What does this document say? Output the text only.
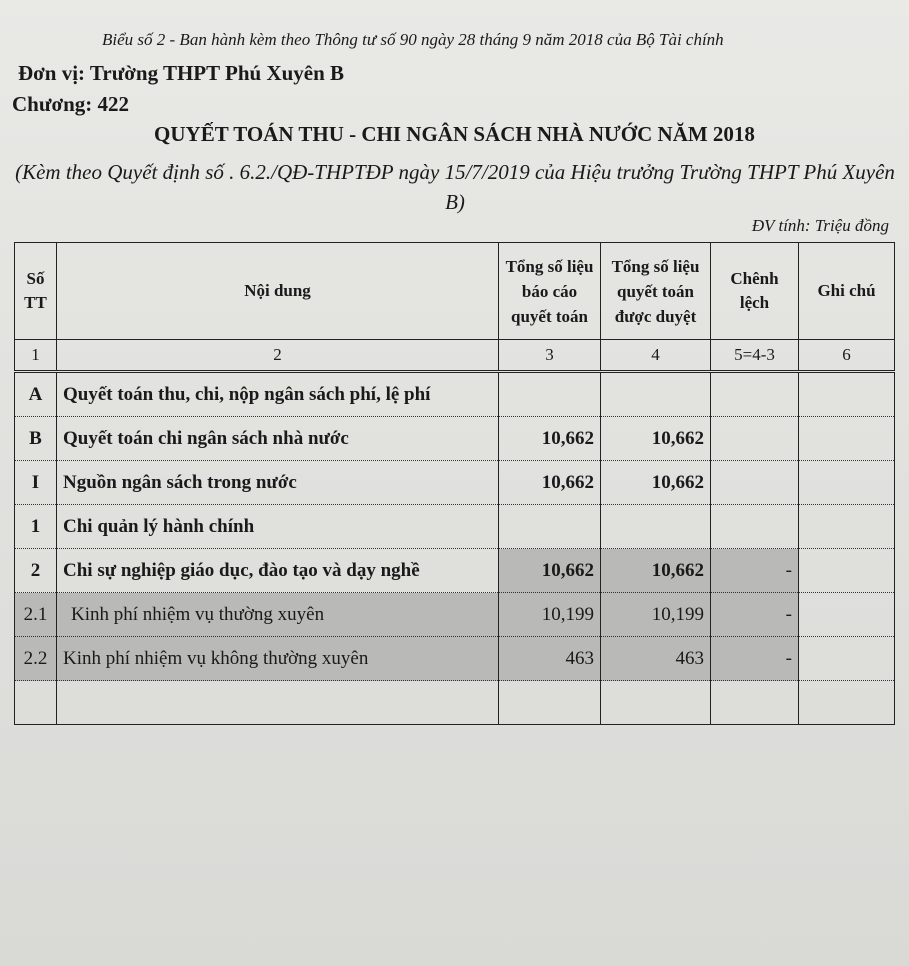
Biểu số 2 - Ban hành kèm theo Thông tư số 90 ngày 28 tháng 9 năm 2018 của Bộ Tài chính
Đơn vị: Trường THPT Phú Xuyên B
Chương: 422
QUYẾT TOÁN THU - CHI NGÂN SÁCH NHÀ NƯỚC NĂM 2018
(Kèm theo Quyết định số . 6.2./QĐ-THPTĐP ngày 15/7/2019 của Hiệu trưởng Trường THPT Phú Xuyên B)
ĐV tính: Triệu đồng
Số TT	Nội dung	Tổng số liệu báo cáo quyết toán	Tổng số liệu quyết toán được duyệt	Chênh lệch	Ghi chú
1	2	3	4	5=4-3	6
A	Quyết toán thu, chi, nộp ngân sách phí, lệ phí				
B	Quyết toán chi ngân sách nhà nước	10,662	10,662		
I	Nguồn ngân sách trong nước	10,662	10,662		
1	Chi quản lý hành chính				
2	Chi sự nghiệp giáo dục, đào tạo và dạy nghề	10,662	10,662	-	
2.1	Kinh phí nhiệm vụ thường xuyên	10,199	10,199	-	
2.2	Kinh phí nhiệm vụ không thường xuyên	463	463	-	
